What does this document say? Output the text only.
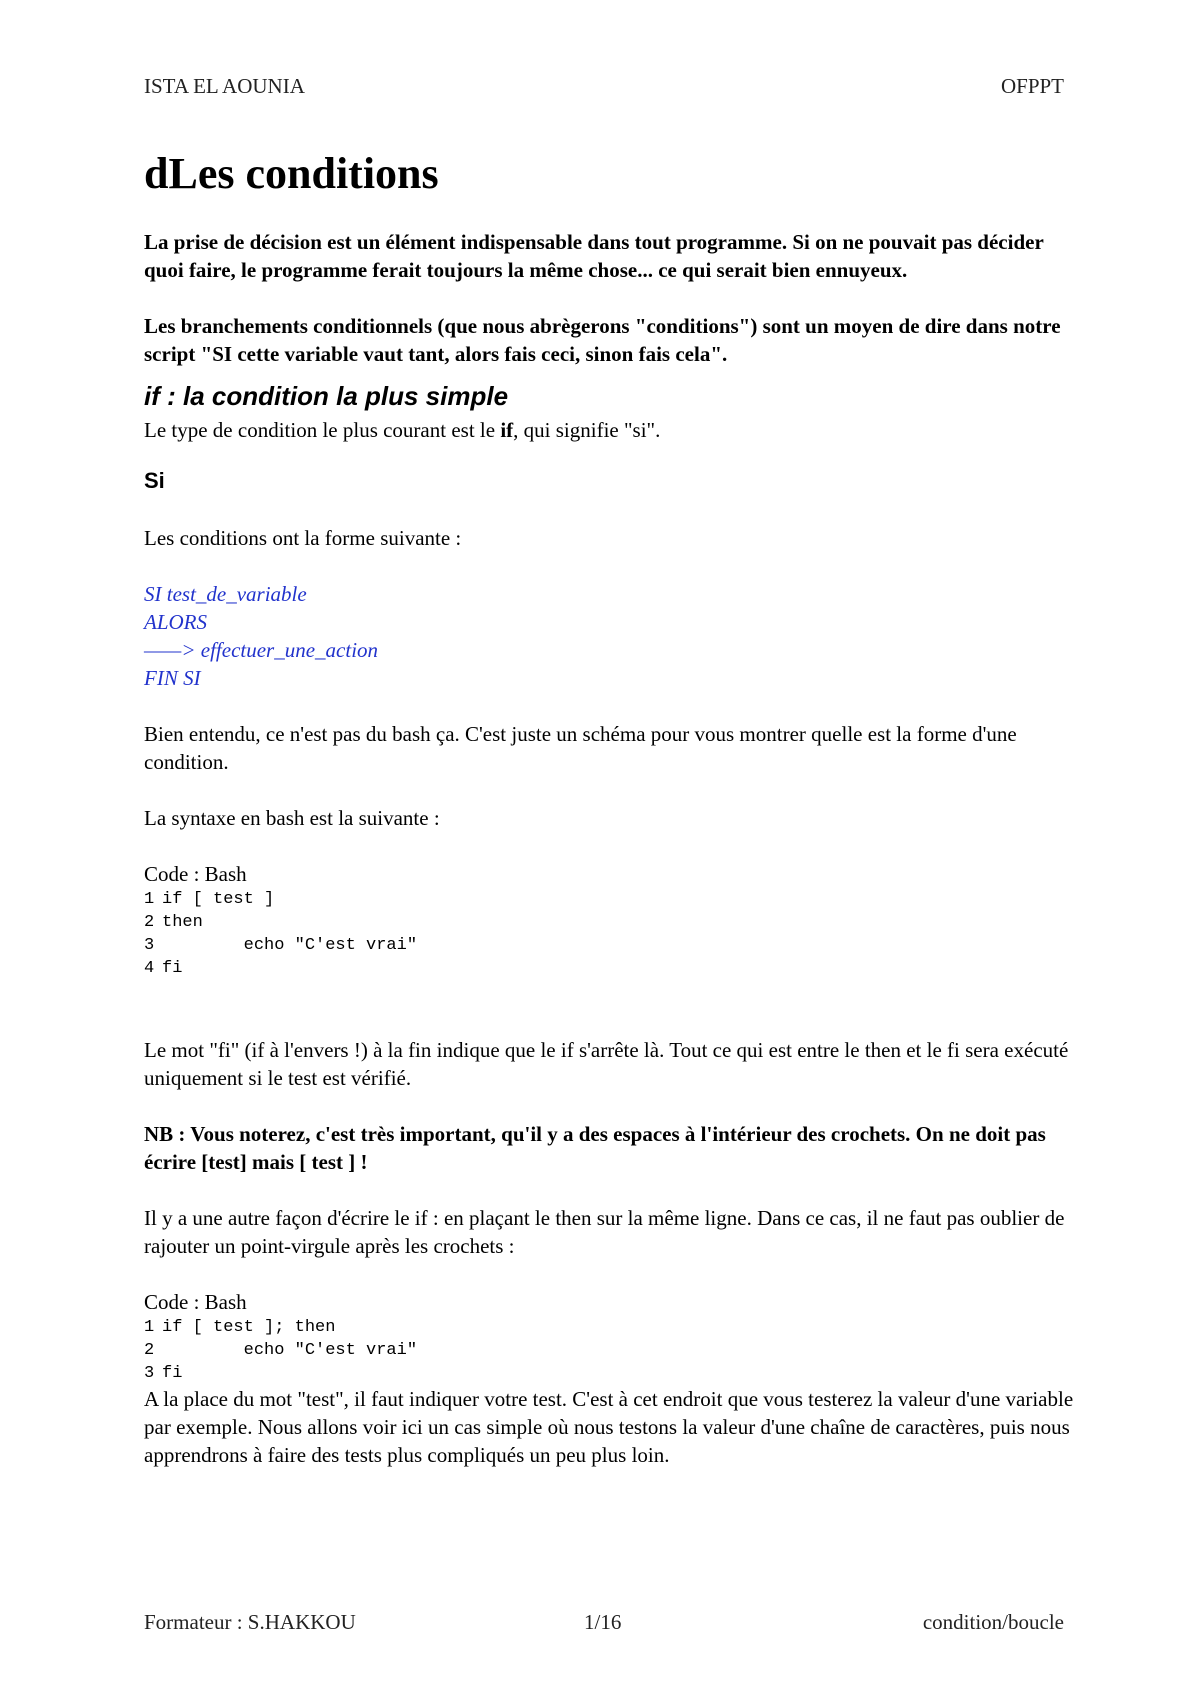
ISTA EL AOUNIA	OFPPT
dLes conditions

La prise de décision est un élément indispensable dans tout programme. Si on ne pouvait pas décider quoi faire, le programme ferait toujours la même chose... ce qui serait bien ennuyeux.

Les branchements conditionnels (que nous abrègerons "conditions") sont un moyen de dire dans notre script "SI cette variable vaut tant, alors fais ceci, sinon fais cela".

if : la condition la plus simple

Le type de condition le plus courant est le if, qui signifie "si".

Si

Les conditions ont la forme suivante :

SI test_de_variable

ALORS

——> effectuer_une_action

FIN SI

Bien entendu, ce n'est pas du bash ça. C'est juste un schéma pour vous montrer quelle est la forme d'une condition.

La syntaxe en bash est la suivante :

Code : Bash

1 if [ test ]
2 then
3        echo "C'est vrai"
4 fi

Le mot "fi" (if à l'envers !) à la fin indique que le if s'arrête là. Tout ce qui est entre le then et le fi sera exécuté uniquement si le test est vérifié.

NB : Vous noterez, c'est très important, qu'il y a des espaces à l'intérieur des crochets. On ne doit pas écrire [test] mais [ test ] !

Il y a une autre façon d'écrire le if : en plaçant le then sur la même ligne. Dans ce cas, il ne faut pas oublier de rajouter un point-virgule après les crochets :

Code : Bash

1 if [ test ]; then
2        echo "C'est vrai"
3 fi

A la place du mot "test", il faut indiquer votre test. C'est à cet endroit que vous testerez la valeur d'une variable par exemple. Nous allons voir ici un cas simple où nous testons la valeur d'une chaîne de caractères, puis nous apprendrons à faire des tests plus compliqués un peu plus loin.

Formateur : S.HAKKOU	1/16	condition/boucle
